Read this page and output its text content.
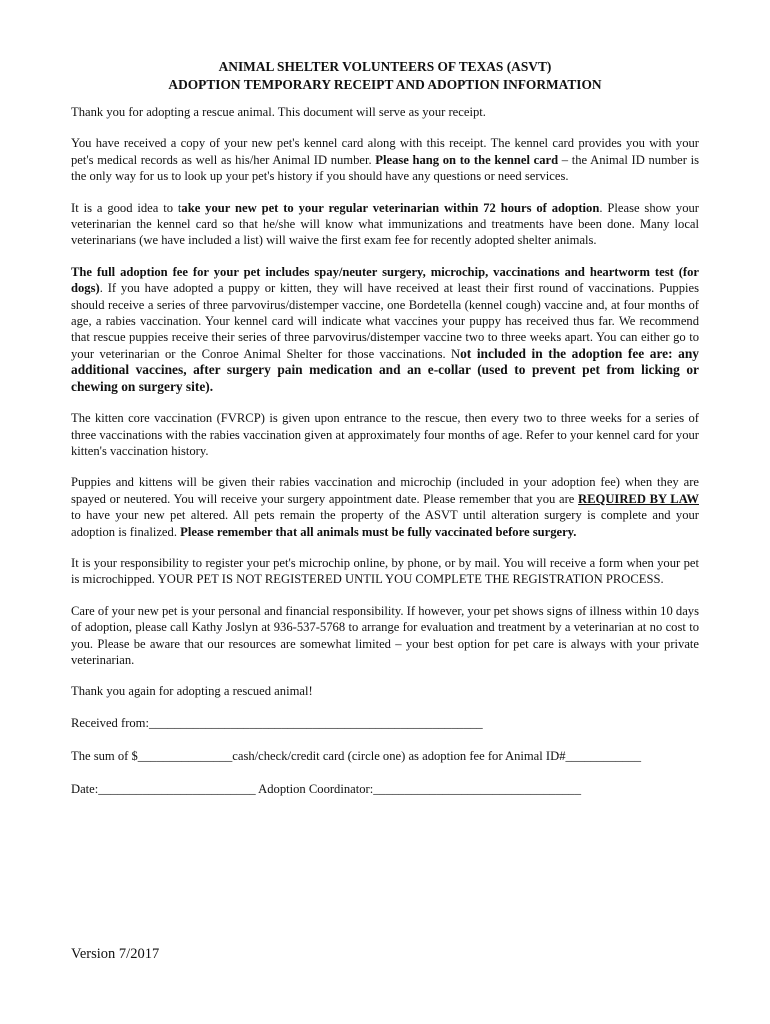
ANIMAL SHELTER VOLUNTEERS OF TEXAS (ASVT)

ADOPTION TEMPORARY RECEIPT AND ADOPTION INFORMATION

Thank you for adopting a rescue animal. This document will serve as your receipt.

You have received a copy of your new pet's kennel card along with this receipt. The kennel card provides you with your pet's medical records as well as his/her Animal ID number. Please hang on to the kennel card – the Animal ID number is the only way for us to look up your pet's history if you should have any questions or need services.

It is a good idea to take your new pet to your regular veterinarian within 72 hours of adoption. Please show your veterinarian the kennel card so that he/she will know what immunizations and treatments have been done. Many local veterinarians (we have included a list) will waive the first exam fee for recently adopted shelter animals.

The full adoption fee for your pet includes spay/neuter surgery, microchip, vaccinations and heartworm test (for dogs). If you have adopted a puppy or kitten, they will have received at least their first round of vaccinations. Puppies should receive a series of three parvovirus/distemper vaccine, one Bordetella (kennel cough) vaccine and, at four months of age, a rabies vaccination. Your kennel card will indicate what vaccines your puppy has received thus far. We recommend that rescue puppies receive their series of three parvovirus/distemper vaccine two to three weeks apart. You can either go to your veterinarian or the Conroe Animal Shelter for those vaccinations. Not included in the adoption fee are: any additional vaccines, after surgery pain medication and an e-collar (used to prevent pet from licking or chewing on surgery site).

The kitten core vaccination (FVRCP) is given upon entrance to the rescue, then every two to three weeks for a series of three vaccinations with the rabies vaccination given at approximately four months of age. Refer to your kennel card for your kitten's vaccination history.

Puppies and kittens will be given their rabies vaccination and microchip (included in your adoption fee) when they are spayed or neutered. You will receive your surgery appointment date. Please remember that you are REQUIRED BY LAW to have your new pet altered. All pets remain the property of the ASVT until alteration surgery is complete and your adoption is finalized. Please remember that all animals must be fully vaccinated before surgery.

It is your responsibility to register your pet's microchip online, by phone, or by mail. You will receive a form when your pet is microchipped. YOUR PET IS NOT REGISTERED UNTIL YOU COMPLETE THE REGISTRATION PROCESS.

Care of your new pet is your personal and financial responsibility. If however, your pet shows signs of illness within 10 days of adoption, please call Kathy Joslyn at 936-537-5768 to arrange for evaluation and treatment by a veterinarian at no cost to you. Please be aware that our resources are somewhat limited – your best option for pet care is always with your private veterinarian.

Thank you again for adopting a rescued animal!

Received from:_____________________________________________________
The sum of $_______________cash/check/credit card (circle one) as adoption fee for Animal ID#____________
Date:_________________________ Adoption Coordinator:_________________________________
Version 7/2017
